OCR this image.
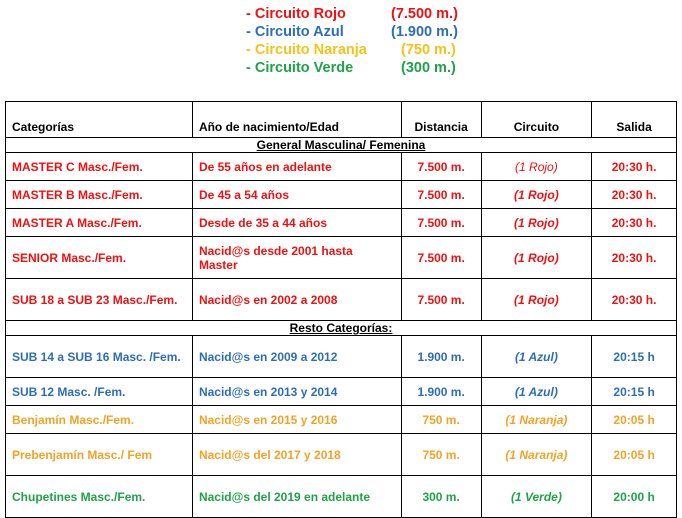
- Circuito Rojo	(7.500 m.)
- Circuito Azul	(1.900 m.)
- Circuito Naranja (750 m.)
- Circuito Verde	(300 m.)
Categorías	Año de nacimiento/Edad	Distancia	Circuito	Salida
General Masculina/ Femenina				
MASTER C Masc./Fem.	De 55 años en adelante	7.500 m.	(1 Rojo)	20:30 h.
MASTER B Masc./Fem.	De 45 a 54 años	7.500 m.	(1 Rojo)	20:30 h.
MASTER A Masc./Fem.	Desde de 35 a 44 años	7.500 m.	(1 Rojo)	20:30 h.
SENIOR Masc./Fem.	Nacid@s desde 2001 hasta Master	7.500 m.	(1 Rojo)	20:30 h.
SUB 18 a SUB 23 Masc./Fem.	Nacid@s en 2002 a 2008	7.500 m.	(1 Rojo)	20:30 h.
Resto Categorías:				
SUB 14 a SUB 16 Masc. /Fem.	Nacid@s en 2009 a 2012	1.900 m.	(1 Azul)	20:15 h
SUB 12 Masc. /Fem.	Nacid@s en 2013 y 2014	1.900 m.	(1 Azul)	20:15 h
Benjamín Masc./Fem.	Nacid@s en 2015 y 2016	750 m.	(1 Naranja)	20:05 h
Prebenjamín Masc./ Fem	Nacid@s del 2017 y 2018	750 m.	(1 Naranja)	20:05 h
Chupetines Masc./Fem.	Nacid@s del 2019 en adelante	300 m.	(1 Verde)	20:00 h
